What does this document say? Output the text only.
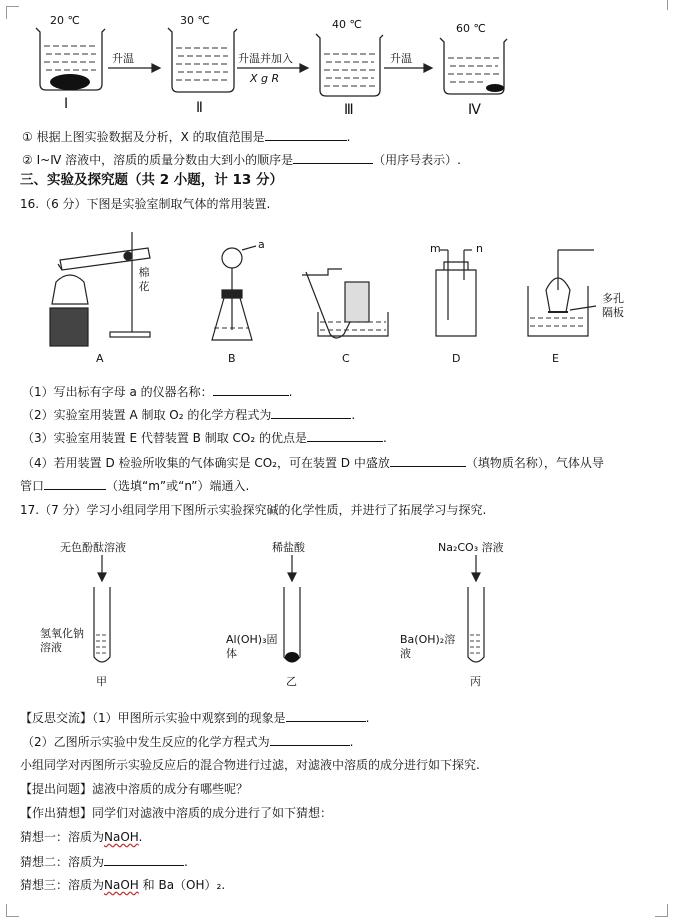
20 ℃	30 ℃	40 ℃	60 ℃
Ⅰ	Ⅱ	Ⅲ	Ⅳ
升温	升温并加入
X g R
升温
① 根据上图实验数据及分析，X 的取值范围是	.
② Ⅰ~Ⅳ 溶液中，溶质的质量分数由大到小的顺序是	（用序号表示）.
三、实验及探究题（共 2 小题，计 13 分）
16.（6 分）下图是实验室制取气体的常用装置.
棉花
a	m	n
多孔隔板
A	B	C	D	E
（1）写出标有字母 a 的仪器名称：	.
（2）实验室用装置 A 制取 O₂ 的化学方程式为	.
（3）实验室用装置 E 代替装置 B 制取 CO₂ 的优点是	.
（4）若用装置 D 检验所收集的气体确实是 CO₂，可在装置 D 中盛放	（填物质名称），气体从导
管口	（选填“m”或“n”）端通入.
17.（7 分）学习小组同学用下图所示实验探究碱的化学性质，并进行了拓展学习与探究.
无色酚酞溶液	稀盐酸	Na₂CO₃ 溶液
氢氧化钠溶液
Al(OH)₃固体
Ba(OH)₂溶液
甲	乙	丙
【反思交流】（1）甲图所示实验中观察到的现象是	.
（2）乙图所示实验中发生反应的化学方程式为	.
小组同学对丙图所示实验反应后的混合物进行过滤，对滤液中溶质的成分进行如下探究.
【提出问题】滤液中溶质的成分有哪些呢？
【作出猜想】同学们对滤液中溶质的成分进行了如下猜想：
猜想一：溶质为NaOH.
猜想二：溶质为	.
猜想三：溶质为NaOH 和 Ba（OH）₂.
